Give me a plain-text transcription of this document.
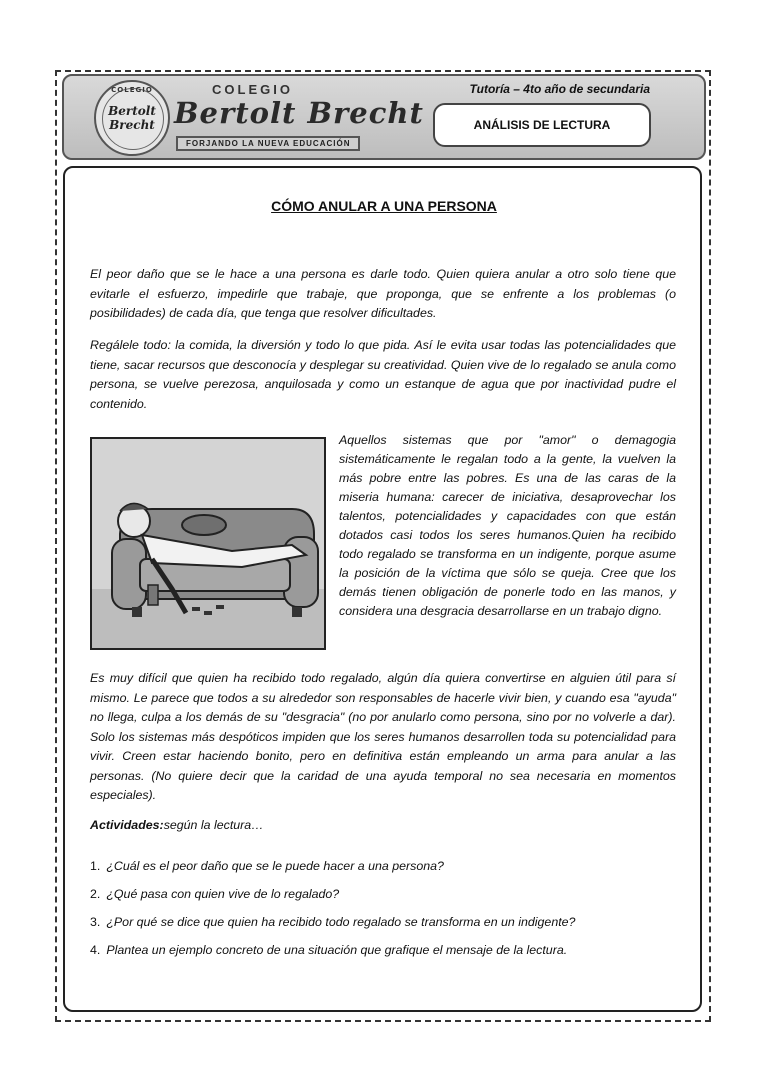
COLEGIO
Bertolt Brecht
COLEGIO
Bertolt Brecht
FORJANDO LA NUEVA EDUCACIÓN
Tutoría – 4to año de secundaria
ANÁLISIS DE LECTURA
CÓMO ANULAR A UNA PERSONA

El peor daño que se le hace a una persona es darle todo. Quien quiera anular a otro solo tiene que evitarle el esfuerzo, impedirle que trabaje, que proponga, que se enfrente a los problemas (o posibilidades) de cada día, que tenga que resolver dificultades.

Regálele todo: la comida, la diversión y todo lo que pida. Así le evita usar todas las potencialidades que tiene, sacar recursos que desconocía y desplegar su creatividad. Quien vive de lo regalado se anula como persona, se vuelve perezosa, anquilosada y como un estanque de agua que por inactividad pudre el contenido.

Aquellos sistemas que por "amor" o demagogia sistemáticamente le regalan todo a la gente, la vuelven la más pobre entre las pobres. Es una de las caras de la miseria humana: carecer de iniciativa, desaprovechar los talentos, potencialidades y capacidades con que están dotados casi todos los seres humanos.Quien ha recibido todo regalado se transforma en un indigente, porque asume la posición de la víctima que sólo se queja. Cree que los demás tienen obligación de ponerle todo en las manos, y considera una desgracia desarrollarse en un trabajo digno.

Es muy difícil que quien ha recibido todo regalado, algún día quiera convertirse en alguien útil para sí mismo. Le parece que todos a su alrededor son responsables de hacerle vivir bien, y cuando esa "ayuda" no llega, culpa a los demás de su "desgracia" (no por anularlo como persona, sino por no volverle a dar). Solo los sistemas más despóticos impiden que los seres humanos desarrollen toda su potencialidad para vivir. Creen estar haciendo bonito, pero en definitiva están empleando un arma para anular a las personas. (No quiere decir que la caridad de una ayuda temporal no sea necesaria en momentos especiales).

Actividades:según la lectura…
1. ¿Cuál es el peor daño que se le puede hacer a una persona?
2. ¿Qué pasa con quien vive de lo regalado?
3. ¿Por qué se dice que quien ha recibido todo regalado se transforma en un indigente?
4. Plantea un ejemplo concreto de una situación que grafique el mensaje de la lectura.
